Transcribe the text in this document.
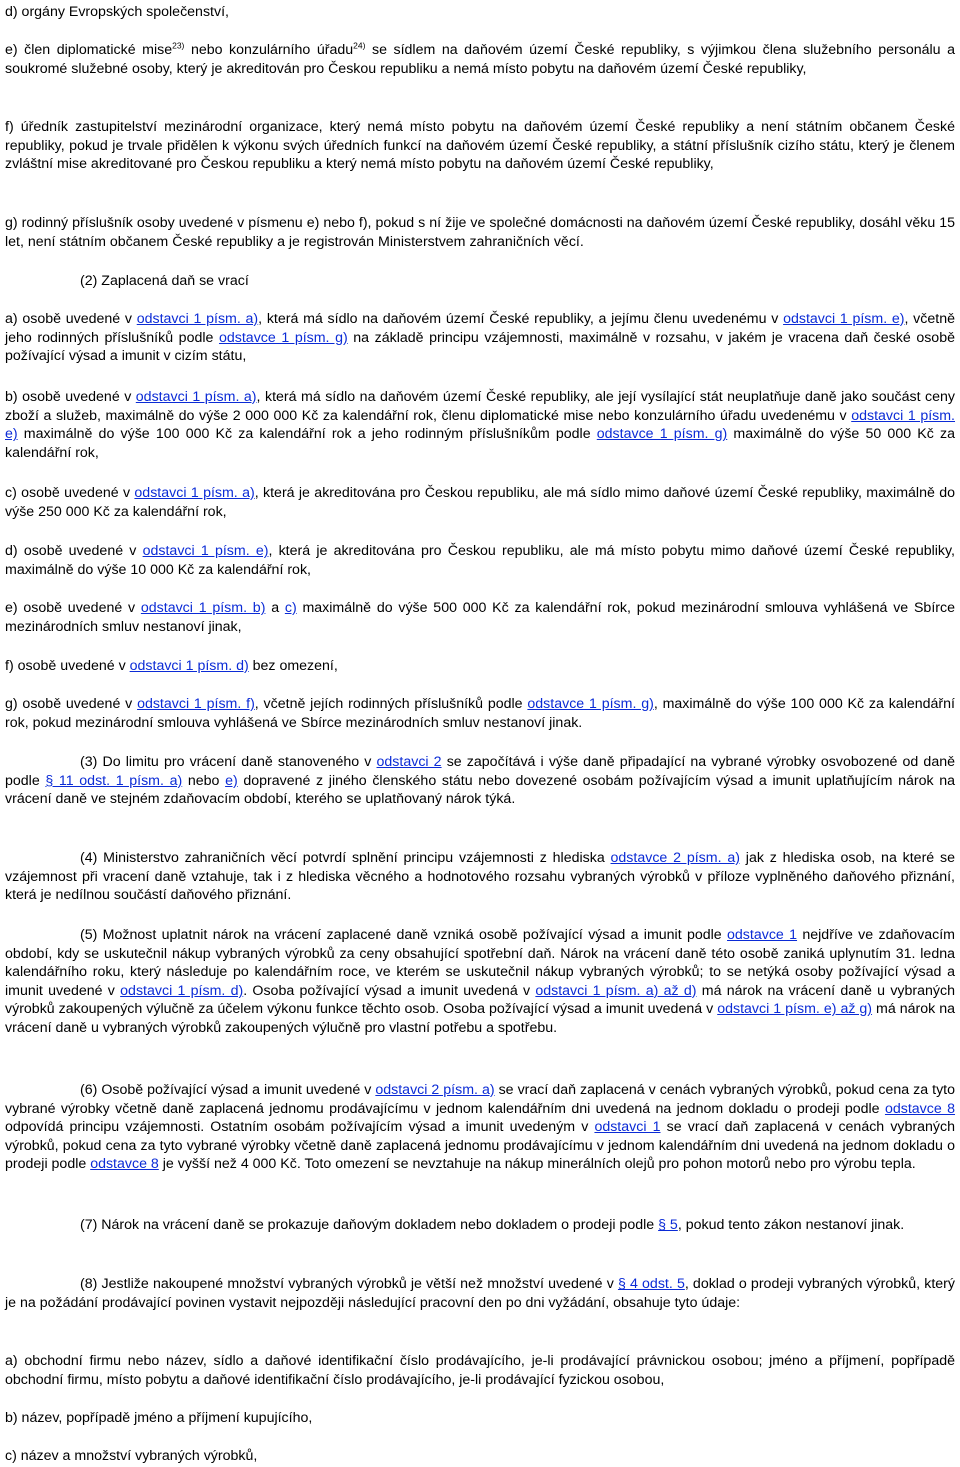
d) orgány Evropských společenství,

e) člen diplomatické mise$^{23)}$ nebo konzulárního úřadu$^{24)}$ se sídlem na daňovém území České republiky, s výjimkou člena služebního personálu a soukromé služebné osoby, který je akreditován pro Českou republiku a nemá místo pobytu na daňovém území České republiky,

f) úředník zastupitelství mezinárodní organizace, který nemá místo pobytu na daňovém území České republiky a není státním občanem České republiky, pokud je trvale přidělen k výkonu svých úředních funkcí na daňovém území České republiky, a státní příslušník cizího státu, který je členem zvláštní mise akreditované pro Českou republiku a který nemá místo pobytu na daňovém území České republiky,

g) rodinný příslušník osoby uvedené v písmenu e) nebo f), pokud s ní žije ve společné domácnosti na daňovém území České republiky, dosáhl věku 15 let, není státním občanem České republiky a je registrován Ministerstvem zahraničních věcí.

(2) Zaplacená daň se vrací

a) osobě uvedené v odstavci 1 písm. a), která má sídlo na daňovém území České republiky, a jejímu členu uvedenému v odstavci 1 písm. e), včetně jeho rodinných příslušníků podle odstavce 1 písm. g) na základě principu vzájemnosti, maximálně v rozsahu, v jakém je vracena daň české osobě požívající výsad a imunit v cizím státu,

b) osobě uvedené v odstavci 1 písm. a), která má sídlo na daňovém území České republiky, ale její vysílající stát neuplatňuje daně jako součást ceny zboží a služeb, maximálně do výše 2 000 000 Kč za kalendářní rok, členu diplomatické mise nebo konzulárního úřadu uvedenému v odstavci 1 písm. e) maximálně do výše 100 000 Kč za kalendářní rok a jeho rodinným příslušníkům podle odstavce 1 písm. g) maximálně do výše 50 000 Kč za kalendářní rok,

c) osobě uvedené v odstavci 1 písm. a), která je akreditována pro Českou republiku, ale má sídlo mimo daňové území České republiky, maximálně do výše 250 000 Kč za kalendářní rok,

d) osobě uvedené v odstavci 1 písm. e), která je akreditována pro Českou republiku, ale má místo pobytu mimo daňové území České republiky, maximálně do výše 10 000 Kč za kalendářní rok,

e) osobě uvedené v odstavci 1 písm. b) a c) maximálně do výše 500 000 Kč za kalendářní rok, pokud mezinárodní smlouva vyhlášená ve Sbírce mezinárodních smluv nestanoví jinak,

f) osobě uvedené v odstavci 1 písm. d) bez omezení,

g) osobě uvedené v odstavci 1 písm. f), včetně jejích rodinných příslušníků podle odstavce 1 písm. g), maximálně do výše 100 000 Kč za kalendářní rok, pokud mezinárodní smlouva vyhlášená ve Sbírce mezinárodních smluv nestanoví jinak.

(3) Do limitu pro vrácení daně stanoveného v odstavci 2 se započítává i výše daně připadající na vybrané výrobky osvobozené od daně podle § 11 odst. 1 písm. a) nebo e) dopravené z jiného členského státu nebo dovezené osobám požívajícím výsad a imunit uplatňujícím nárok na vrácení daně ve stejném zdaňovacím období, kterého se uplatňovaný nárok týká.

(4) Ministerstvo zahraničních věcí potvrdí splnění principu vzájemnosti z hlediska odstavce 2 písm. a) jak z hlediska osob, na které se vzájemnost při vracení daně vztahuje, tak i z hlediska věcného a hodnotového rozsahu vybraných výrobků v příloze vyplněného daňového přiznání, která je nedílnou součástí daňového přiznání.

(5) Možnost uplatnit nárok na vrácení zaplacené daně vzniká osobě požívající výsad a imunit podle odstavce 1 nejdříve ve zdaňovacím období, kdy se uskutečnil nákup vybraných výrobků za ceny obsahující spotřební daň. Nárok na vrácení daně této osobě zaniká uplynutím 31. ledna kalendářního roku, který následuje po kalendářním roce, ve kterém se uskutečnil nákup vybraných výrobků; to se netýká osoby požívající výsad a imunit uvedené v odstavci 1 písm. d). Osoba požívající výsad a imunit uvedená v odstavci 1 písm. a) až d) má nárok na vrácení daně u vybraných výrobků zakoupených výlučně za účelem výkonu funkce těchto osob. Osoba požívající výsad a imunit uvedená v odstavci 1 písm. e) až g) má nárok na vrácení daně u vybraných výrobků zakoupených výlučně pro vlastní potřebu a spotřebu.

(6) Osobě požívající výsad a imunit uvedené v odstavci 2 písm. a) se vrací daň zaplacená v cenách vybraných výrobků, pokud cena za tyto vybrané výrobky včetně daně zaplacená jednomu prodávajícímu v jednom kalendářním dni uvedená na jednom dokladu o prodeji podle odstavce 8 odpovídá principu vzájemnosti. Ostatním osobám požívajícím výsad a imunit uvedeným v odstavci 1 se vrací daň zaplacená v cenách vybraných výrobků, pokud cena za tyto vybrané výrobky včetně daně zaplacená jednomu prodávajícímu v jednom kalendářním dni uvedená na jednom dokladu o prodeji podle odstavce 8 je vyšší než 4 000 Kč. Toto omezení se nevztahuje na nákup minerálních olejů pro pohon motorů nebo pro výrobu tepla.

(7) Nárok na vrácení daně se prokazuje daňovým dokladem nebo dokladem o prodeji podle § 5, pokud tento zákon nestanoví jinak.

(8) Jestliže nakoupené množství vybraných výrobků je větší než množství uvedené v § 4 odst. 5, doklad o prodeji vybraných výrobků, který je na požádání prodávající povinen vystavit nejpozději následující pracovní den po dni vyžádání, obsahuje tyto údaje:

a) obchodní firmu nebo název, sídlo a daňové identifikační číslo prodávajícího, je-li prodávající právnickou osobou; jméno a příjmení, popřípadě obchodní firmu, místo pobytu a daňové identifikační číslo prodávajícího, je-li prodávající fyzickou osobou,

b) název, popřípadě jméno a příjmení kupujícího,

c) název a množství vybraných výrobků,
